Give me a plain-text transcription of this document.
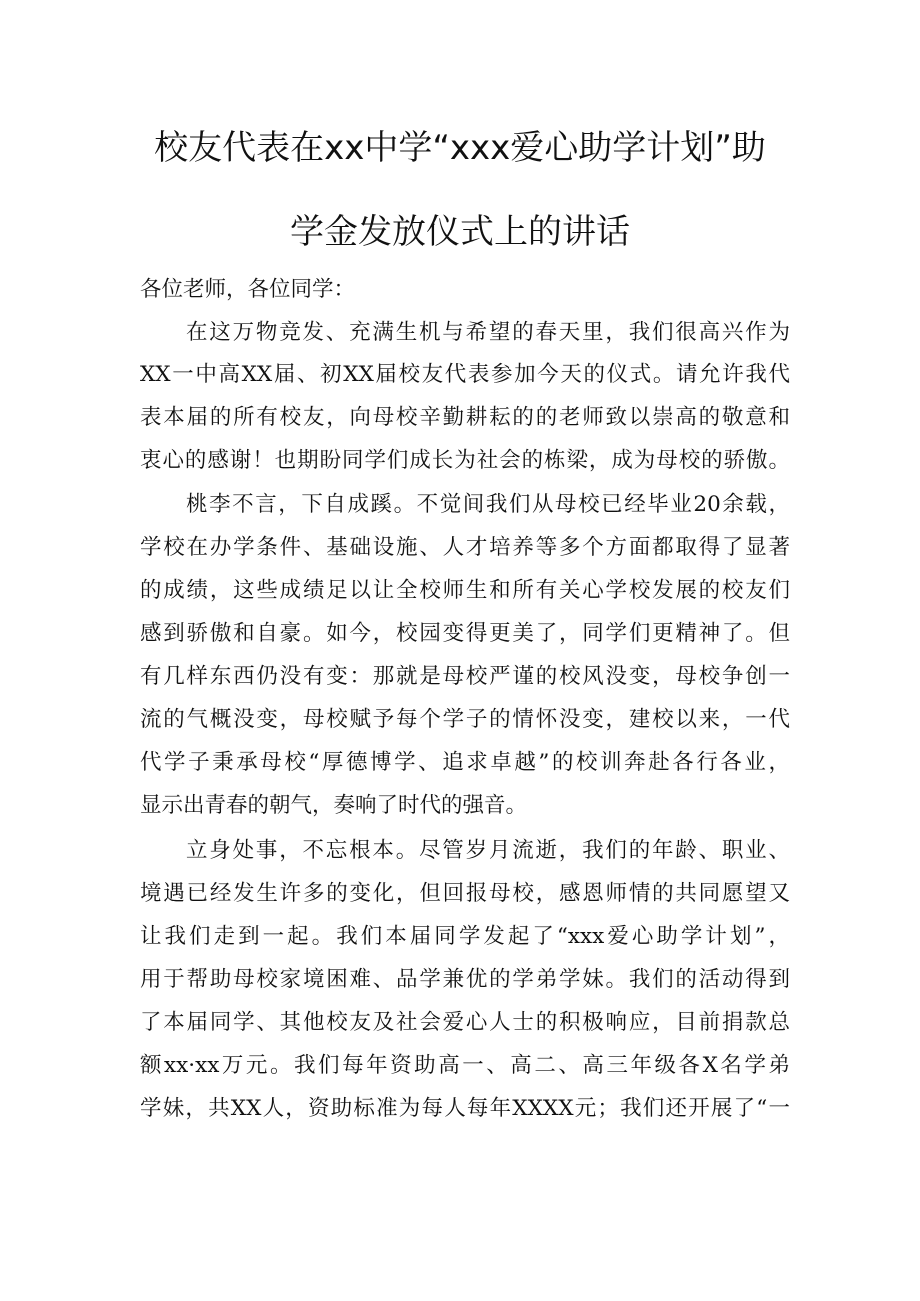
校友代表在xx中学“xxx爱心助学计划”助
学金发放仪式上的讲话
各位老师，各位同学：
在这万物竞发、充满生机与希望的春天里，我们很高兴作为
XX一中高XX届、初XX届校友代表参加今天的仪式。请允许我代
表本届的所有校友，向母校辛勤耕耘的的老师致以崇高的敬意和
衷心的感谢！也期盼同学们成长为社会的栋梁，成为母校的骄傲。
桃李不言，下自成蹊。不觉间我们从母校已经毕业20余载，
学校在办学条件、基础设施、人才培养等多个方面都取得了显著
的成绩，这些成绩足以让全校师生和所有关心学校发展的校友们
感到骄傲和自豪。如今，校园变得更美了，同学们更精神了。但
有几样东西仍没有变：那就是母校严谨的校风没变，母校争创一
流的气概没变，母校赋予每个学子的情怀没变，建校以来，一代
代学子秉承母校“厚德博学、追求卓越”的校训奔赴各行各业，
显示出青春的朝气，奏响了时代的强音。
立身处事，不忘根本。尽管岁月流逝，我们的年龄、职业、
境遇已经发生许多的变化，但回报母校，感恩师情的共同愿望又
让我们走到一起。我们本届同学发起了“xxx爱心助学计划”，
用于帮助母校家境困难、品学兼优的学弟学妹。我们的活动得到
了本届同学、其他校友及社会爱心人士的积极响应，目前捐款总
额xx·xx万元。我们每年资助高一、高二、高三年级各X名学弟
学妹，共XX人，资助标准为每人每年XXXX元；我们还开展了“一
